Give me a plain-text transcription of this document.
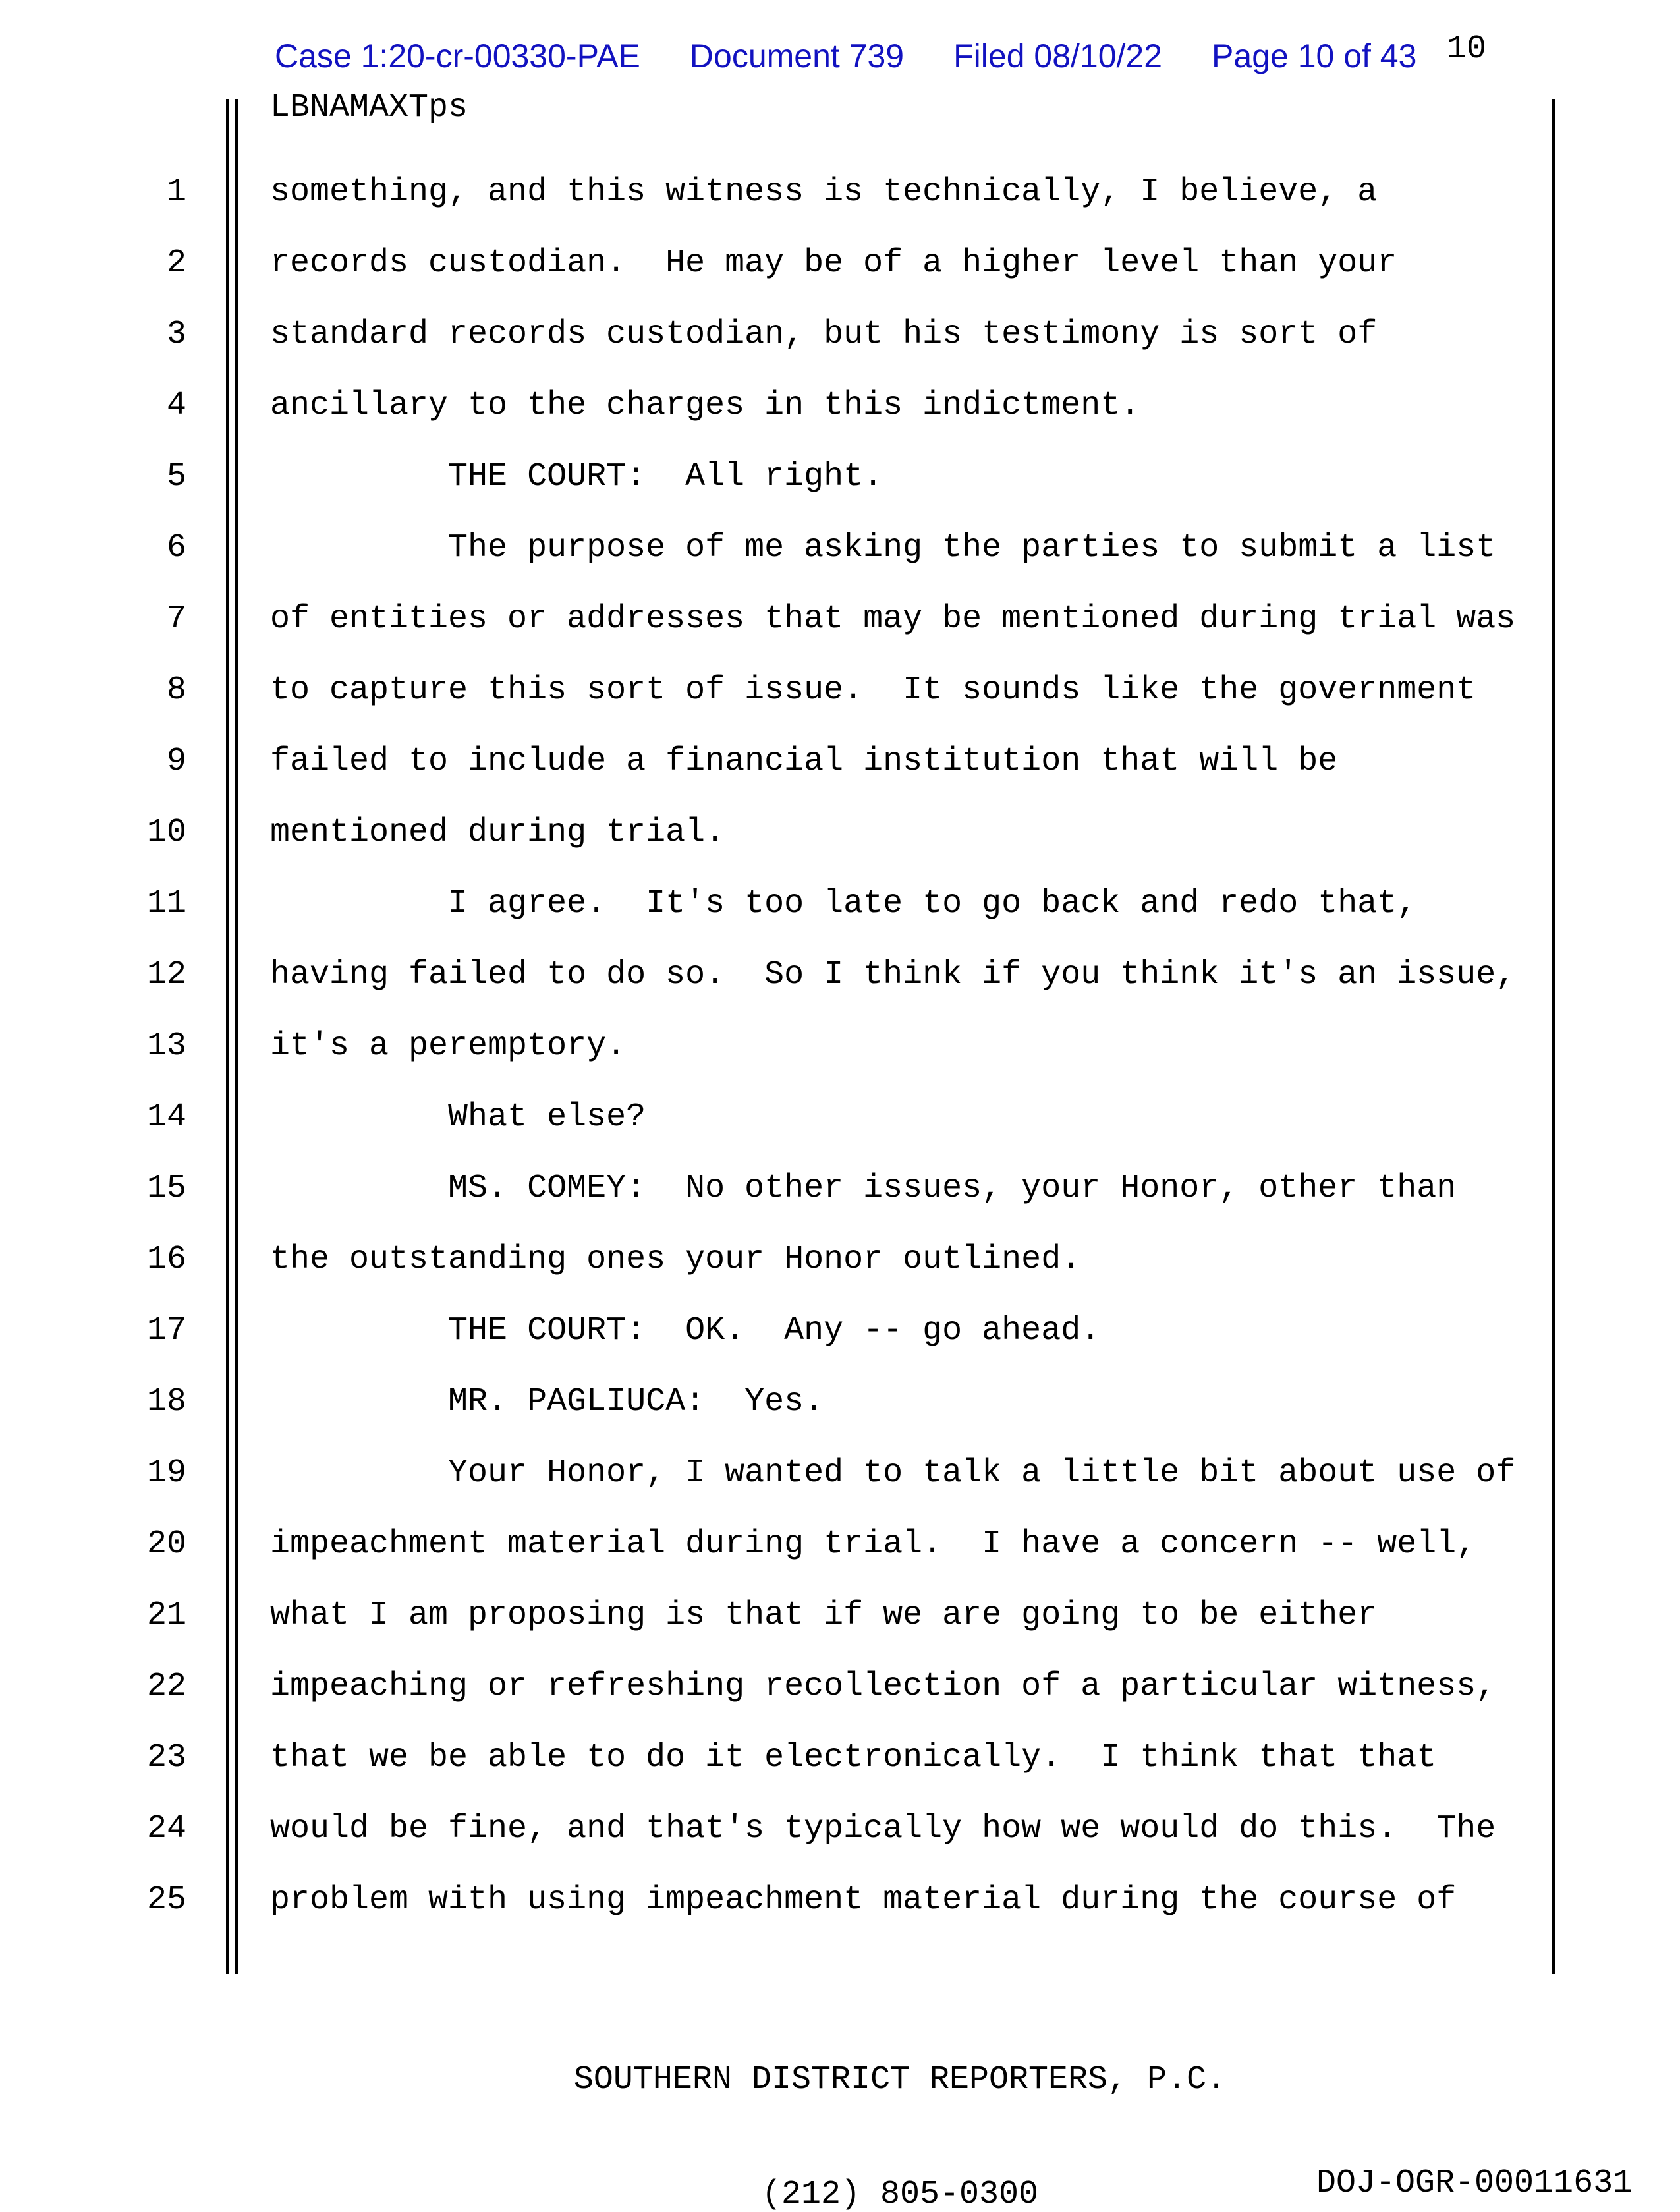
Case 1:20-cr-00330-PAE Document 739 Filed 08/10/22 Page 10 of 43 10
LBNAMAXTps
1	something, and this witness is technically, I believe, a
2	records custodian.  He may be of a higher level than your
3	standard records custodian, but his testimony is sort of
4	ancillary to the charges in this indictment.
5	THE COURT:  All right.
6	The purpose of me asking the parties to submit a list
7	of entities or addresses that may be mentioned during trial was
8	to capture this sort of issue.  It sounds like the government
9	failed to include a financial institution that will be
10	mentioned during trial.
11	I agree.  It's too late to go back and redo that,
12	having failed to do so.  So I think if you think it's an issue,
13	it's a peremptory.
14	What else?
15	MS. COMEY:  No other issues, your Honor, other than
16	the outstanding ones your Honor outlined.
17	THE COURT:  OK.  Any -- go ahead.
18	MR. PAGLIUCA:  Yes.
19	Your Honor, I wanted to talk a little bit about use of
20	impeachment material during trial.  I have a concern -- well,
21	what I am proposing is that if we are going to be either
22	impeaching or refreshing recollection of a particular witness,
23	that we be able to do it electronically.  I think that that
24	would be fine, and that's typically how we would do this.  The
25	problem with using impeachment material during the course of

SOUTHERN DISTRICT REPORTERS, P.C.

(212) 805-0300

	DOJ-OGR-00011631
